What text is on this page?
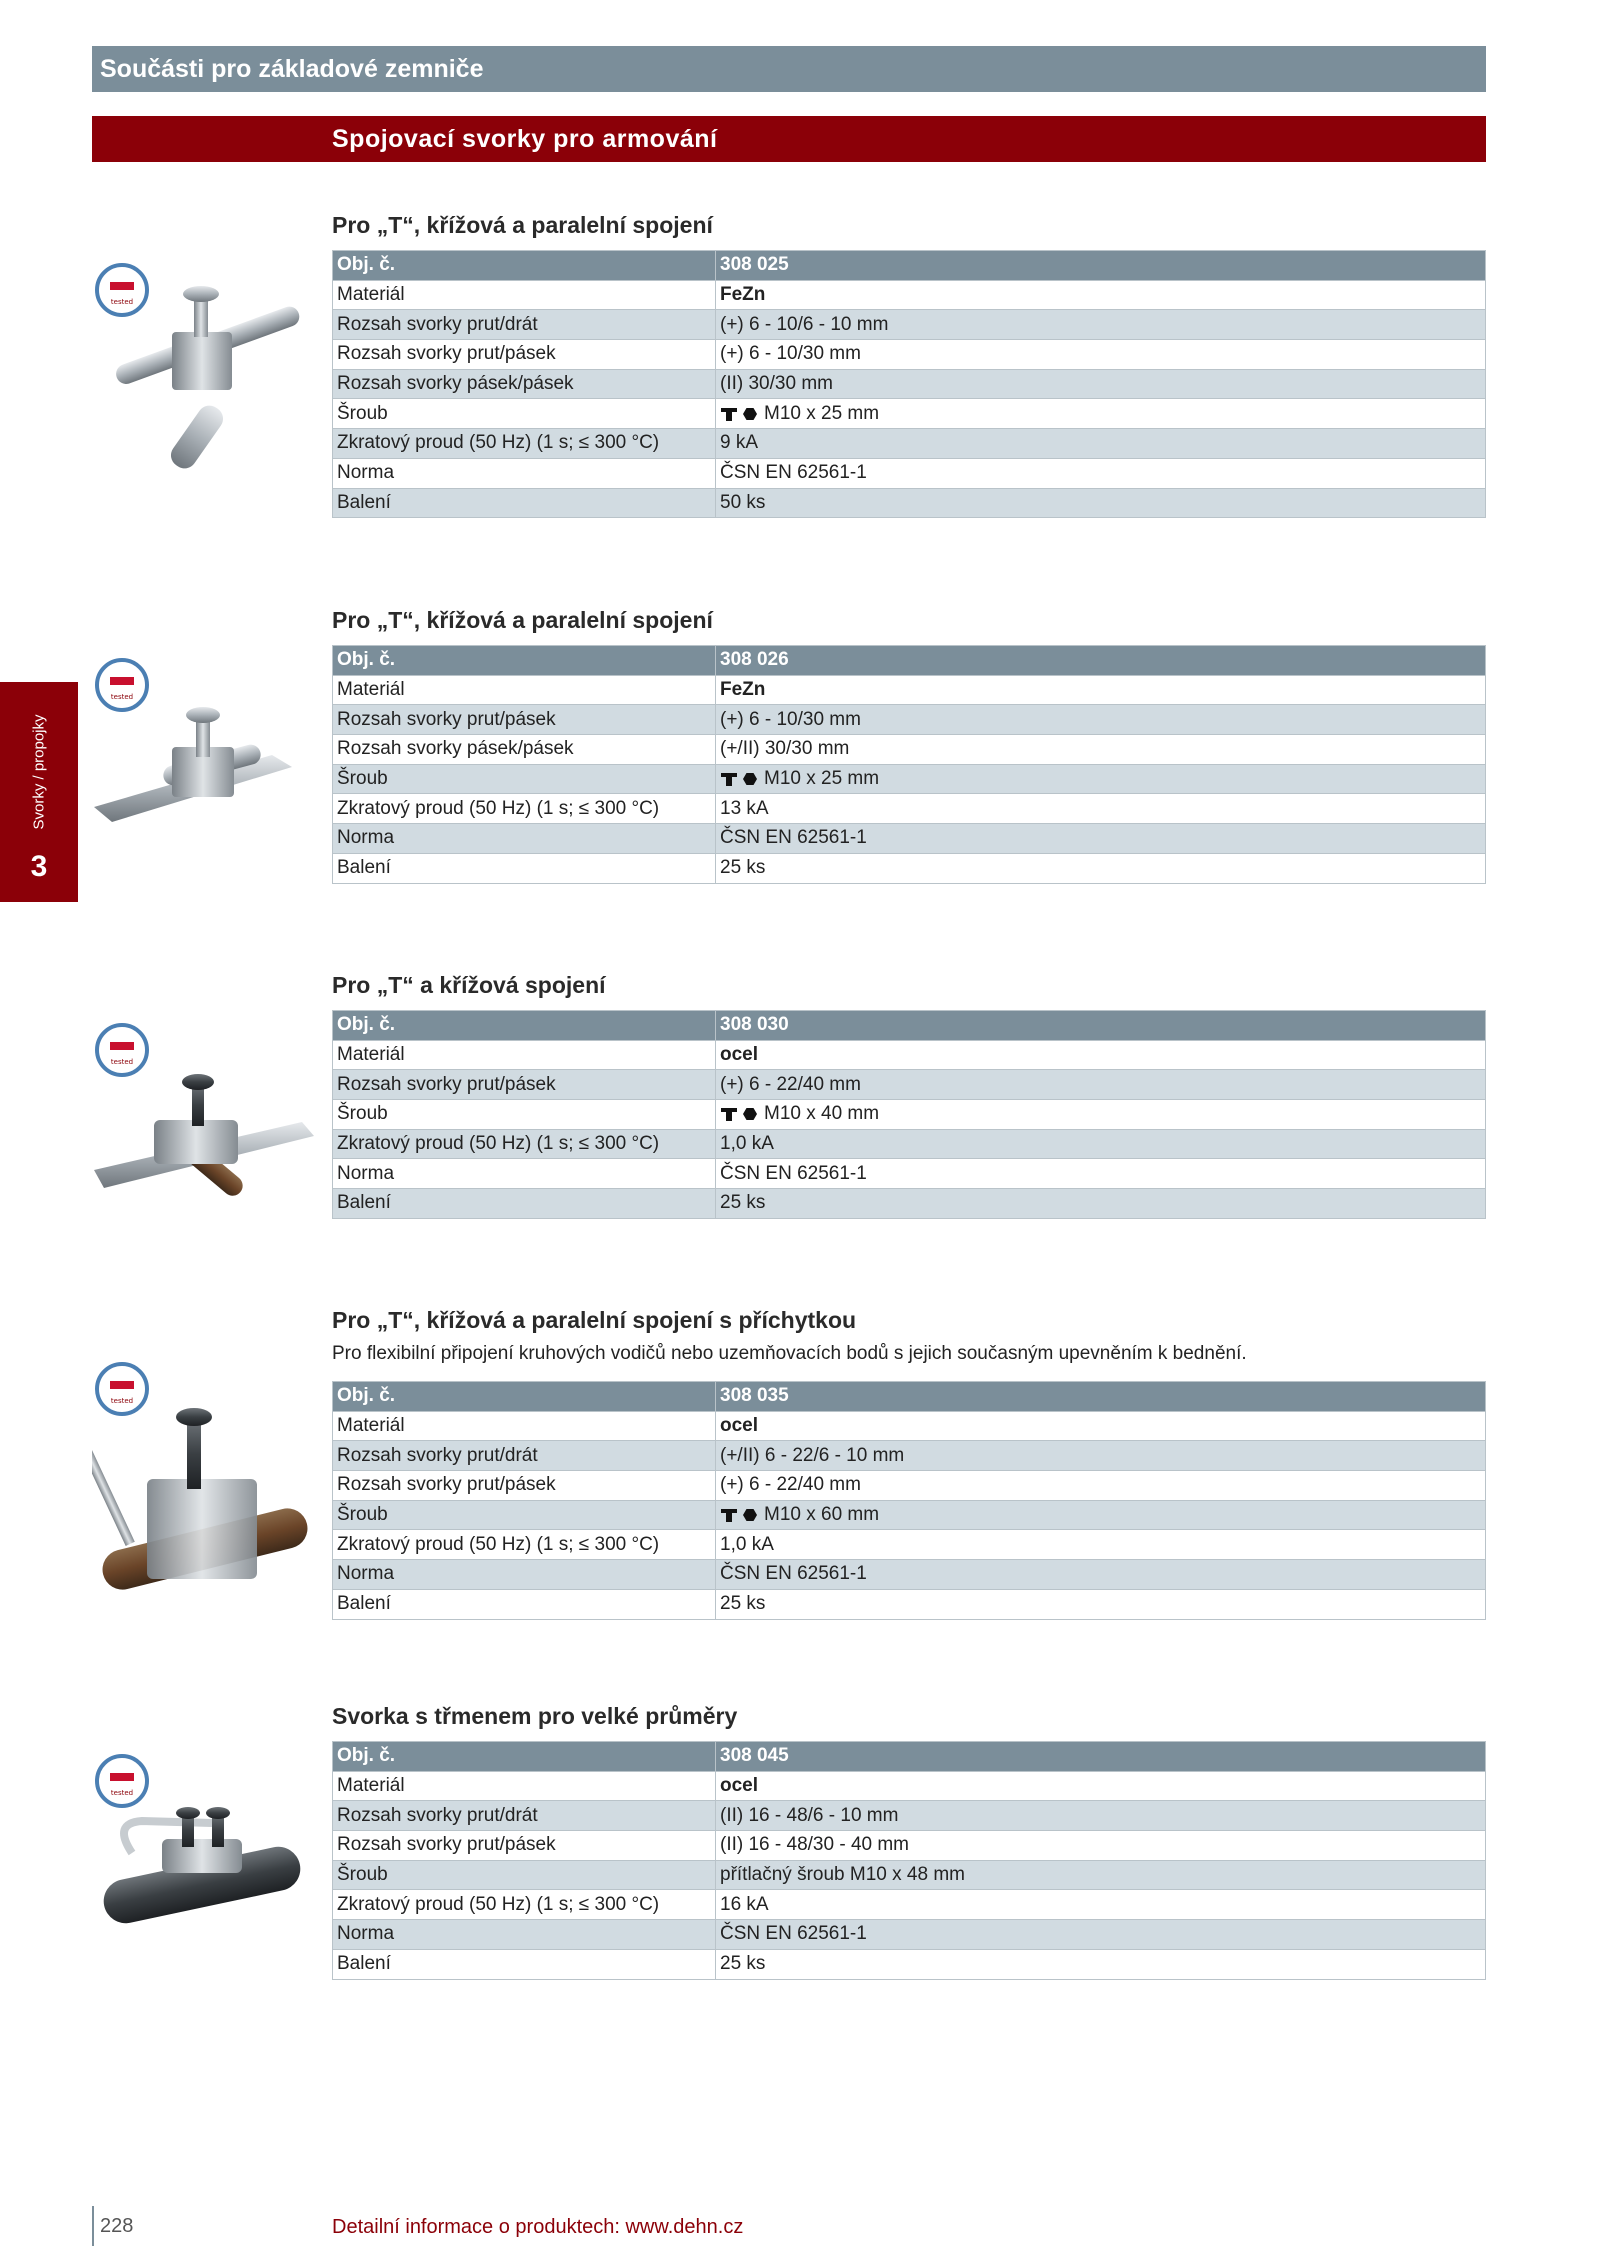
Součásti pro základové zemniče
Spojovací svorky pro armování
Svorky / propojky
3
Pro „T“, křížová a paralelní spojení
tested
Obj. č.	308 025
Materiál	FeZn
Rozsah svorky prut/drát	(+) 6 - 10/6 - 10 mm
Rozsah svorky prut/pásek	(+) 6 - 10/30 mm
Rozsah svorky pásek/pásek	(II) 30/30 mm
Šroub	M10 x 25 mm
Zkratový proud (50 Hz) (1 s; ≤ 300 °C)	9 kA
Norma	ČSN EN 62561-1
Balení	50 ks
Pro „T“, křížová a paralelní spojení
tested
Obj. č.	308 026
Materiál	FeZn
Rozsah svorky prut/pásek	(+) 6 - 10/30 mm
Rozsah svorky pásek/pásek	(+/II) 30/30 mm
Šroub	M10 x 25 mm
Zkratový proud (50 Hz) (1 s; ≤ 300 °C)	13 kA
Norma	ČSN EN 62561-1
Balení	25 ks
Pro „T“ a křížová spojení
tested
Obj. č.	308 030
Materiál	ocel
Rozsah svorky prut/pásek	(+) 6 - 22/40 mm
Šroub	M10 x 40 mm
Zkratový proud (50 Hz) (1 s; ≤ 300 °C)	1,0 kA
Norma	ČSN EN 62561-1
Balení	25 ks
Pro „T“, křížová a paralelní spojení s příchytkou
Pro flexibilní připojení kruhových vodičů nebo uzemňovacích bodů s jejich současným upevněním k bednění.
tested	Obj. č.	308 035
Materiál	ocel
Rozsah svorky prut/drát	(+/II) 6 - 22/6 - 10 mm
Rozsah svorky prut/pásek	(+) 6 - 22/40 mm
Šroub	M10 x 60 mm
Zkratový proud (50 Hz) (1 s; ≤ 300 °C)	1,0 kA
Norma	ČSN EN 62561-1
Balení	25 ks
Svorka s třmenem pro velké průměry
tested
Obj. č.	308 045
Materiál	ocel
Rozsah svorky prut/drát	(II) 16 - 48/6 - 10 mm
Rozsah svorky prut/pásek	(II) 16 - 48/30 - 40 mm
Šroub	přítlačný šroub M10 x 48 mm
Zkratový proud (50 Hz) (1 s; ≤ 300 °C)	16 kA
Norma	ČSN EN 62561-1
Balení	25 ks
228	Detailní informace o produktech: www.dehn.cz
